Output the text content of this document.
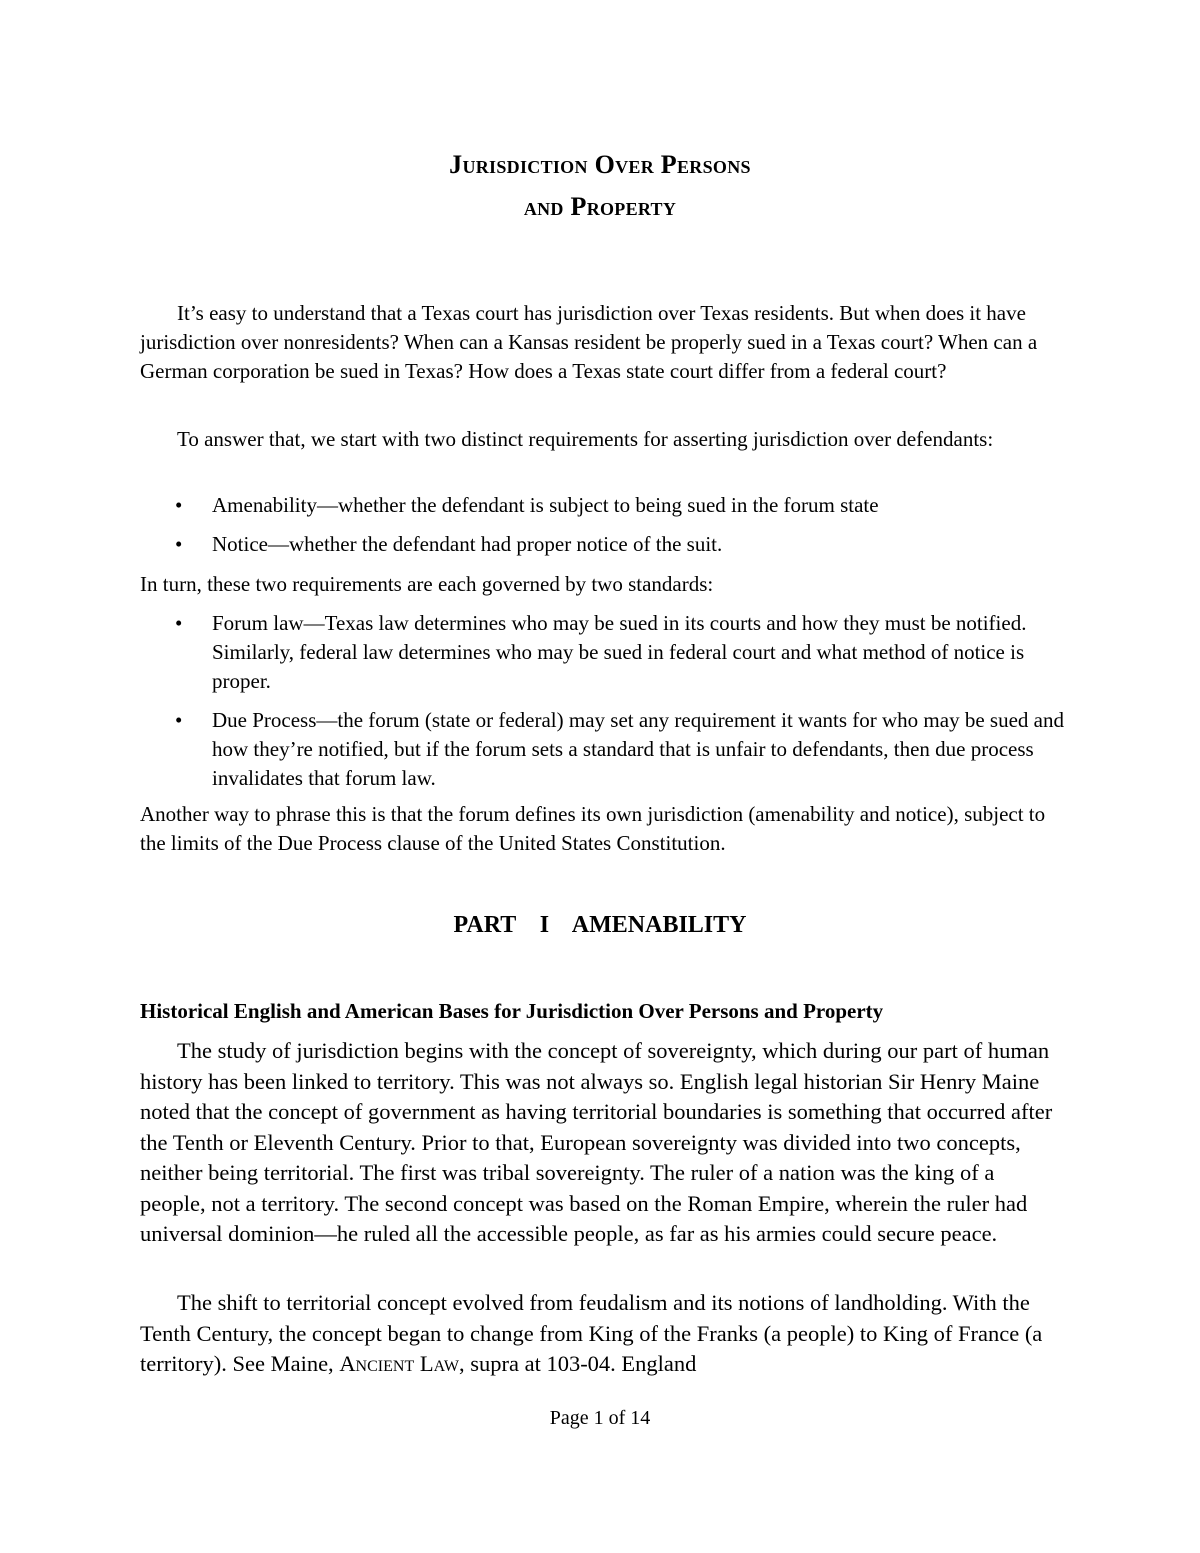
Jurisdiction Over Persons
and Property

It’s easy to understand that a Texas court has jurisdiction over Texas residents. But when does it have jurisdiction over nonresidents? When can a Kansas resident be properly sued in a Texas court? When can a German corporation be sued in Texas? How does a Texas state court differ from a federal court?

To answer that, we start with two distinct requirements for asserting jurisdiction over defendants:

• Amenability—whether the defendant is subject to being sued in the forum state
• Notice—whether the defendant had proper notice of the suit.

In turn, these two requirements are each governed by two standards:

• Forum law—Texas law determines who may be sued in its courts and how they must be notified. Similarly, federal law determines who may be sued in federal court and what method of notice is proper.
• Due Process—the forum (state or federal) may set any requirement it wants for who may be sued and how they’re notified, but if the forum sets a standard that is unfair to defendants, then due process invalidates that forum law.

Another way to phrase this is that the forum defines its own jurisdiction (amenability and notice), subject to the limits of the Due Process clause of the United States Constitution.

PART I AMENABILITY
Historical English and American Bases for Jurisdiction Over Persons and Property

The study of jurisdiction begins with the concept of sovereignty, which during our part of human history has been linked to territory. This was not always so. English legal historian Sir Henry Maine noted that the concept of government as having territorial boundaries is something that occurred after the Tenth or Eleventh Century. Prior to that, European sovereignty was divided into two concepts, neither being territorial. The first was tribal sovereignty. The ruler of a nation was the king of a people, not a territory. The second concept was based on the Roman Empire, wherein the ruler had universal dominion—he ruled all the accessible people, as far as his armies could secure peace.

The shift to territorial concept evolved from feudalism and its notions of landholding. With the Tenth Century, the concept began to change from King of the Franks (a people) to King of France (a territory). See Maine, Ancient Law, supra at 103-04. England

Page 1 of 14
